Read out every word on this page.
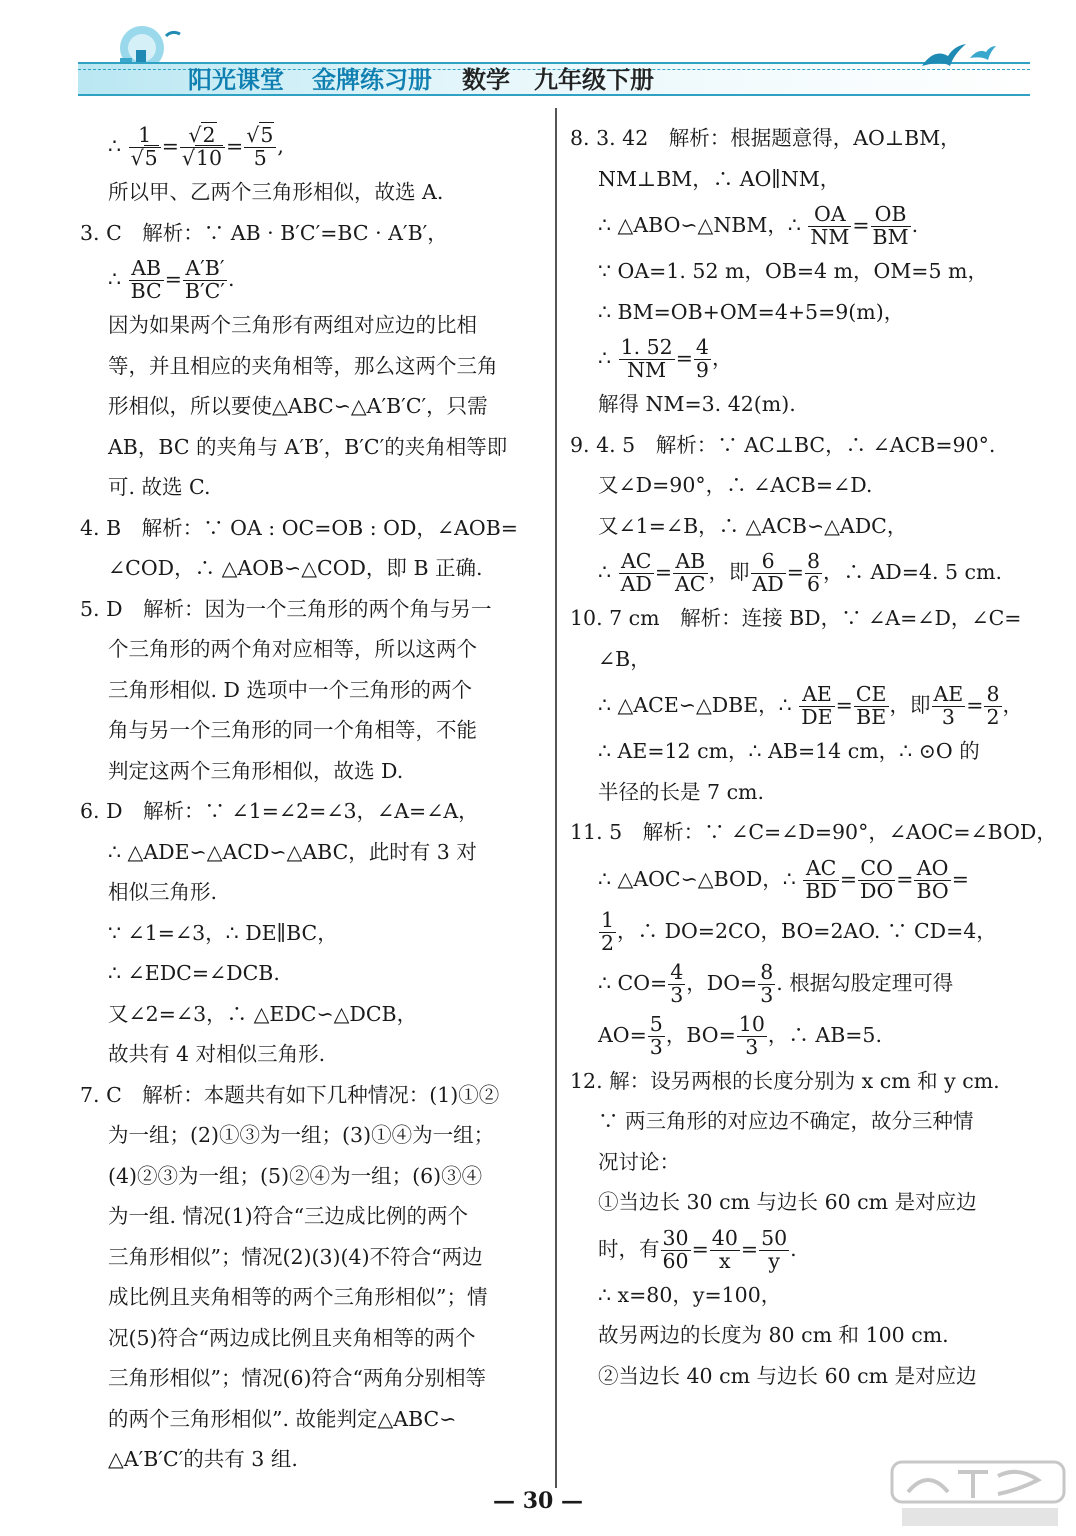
阳光课堂 金牌练习册 数学 九年级下册
∴ $\frac{1}{√5} = \frac{√2}{√10} = \frac{√5}{5}$ ,
所以甲、乙两个三角形相似，故选 A.
3. C　解析：∵ AB · B′C′=BC · A′B′，
∴ $\frac{AB}{BC} = \frac{A'B'}{B'C'}$ .
因为如果两个三角形有两组对应边的比相
等，并且相应的夹角相等，那么这两个三角
形相似，所以要使△ABC∽△A′B′C′，只需
AB，BC 的夹角与 A′B′，B′C′的夹角相等即
可. 故选 C.
4. B　解析：∵ OA : OC=OB : OD，∠AOB=
∠COD，∴ △AOB∽△COD，即 B 正确.
5. D　解析：因为一个三角形的两个角与另一
个三角形的两个角对应相等，所以这两个
三角形相似. D 选项中一个三角形的两个
角与另一个三角形的同一个角相等，不能
判定这两个三角形相似，故选 D.
6. D　解析：∵ ∠1=∠2=∠3，∠A=∠A，
∴ △ADE∽△ACD∽△ABC，此时有 3 对
相似三角形.
∵ ∠1=∠3，∴ DE∥BC，
∴ ∠EDC=∠DCB.
又∠2=∠3，∴ △EDC∽△DCB，
故共有 4 对相似三角形.
7. C　解析：本题共有如下几种情况：(1)①②
为一组；(2)①③为一组；(3)①④为一组；
(4)②③为一组；(5)②④为一组；(6)③④
为一组. 情况(1)符合“三边成比例的两个
三角形相似”；情况(2)(3)(4)不符合“两边
成比例且夹角相等的两个三角形相似”；情
况(5)符合“两边成比例且夹角相等的两个
三角形相似”；情况(6)符合“两角分别相等
的两个三角形相似”. 故能判定△ABC∽
△A′B′C′的共有 3 组.
8. 3. 42　解析：根据题意得，AO⊥BM，
NM⊥BM，∴ AO∥NM，
∴ △ABO∽△NBM，∴ $\frac{OA}{NM} = \frac{OB}{BM}$ .
∵ OA=1. 52 m，OB=4 m，OM=5 m，
∴ BM=OB+OM=4+5=9(m)，
∴ $\frac{1. 52}{NM} = \frac{4}{9}$ ，
解得 NM=3. 42(m).
9. 4. 5　解析：∵ AC⊥BC，∴ ∠ACB=90°.
又∠D=90°，∴ ∠ACB=∠D.
又∠1=∠B，∴ △ACB∽△ADC，
∴ $\frac{AC}{AD} = \frac{AB}{AC}$ ，即 $\frac{6}{AD} = \frac{8}{6}$ ，∴ AD=4. 5 cm.
10. 7 cm　解析：连接 BD，∵ ∠A=∠D，∠C=
∠B，
∴ △ACE∽△DBE，∴ $\frac{AE}{DE} = \frac{CE}{BE}$ ，即 $\frac{AE}{3} = \frac{8}{2}$ ，
∴ AE=12 cm，∴ AB=14 cm，∴ ⊙O 的
半径的长是 7 cm.
11. 5　解析：∵ ∠C=∠D=90°，∠AOC=∠BOD，
∴ △AOC∽△BOD，∴ $\frac{AC}{BD} = \frac{CO}{DO} = \frac{AO}{BO}$ =
$\frac{1}{2}$ ，∴ DO=2CO，BO=2AO. ∵ CD=4，
∴ $CO= \frac{4}{3}$ ，$DO= \frac{8}{3}$ . 根据勾股定理可得
$AO= \frac{5}{3}$ ，$BO= \frac{10}{3}$ ，∴ AB=5.
12. 解：设另两根的长度分别为 x cm 和 y cm.
∵ 两三角形的对应边不确定，故分三种情
况讨论：
①当边长 30 cm 与边长 60 cm 是对应边
时，有 $\frac{30}{60} = \frac{40}{x} = \frac{50}{y}$ .
∴ x=80，y=100，
故另两边的长度为 80 cm 和 100 cm.
②当边长 40 cm 与边长 60 cm 是对应边
— 30 —
